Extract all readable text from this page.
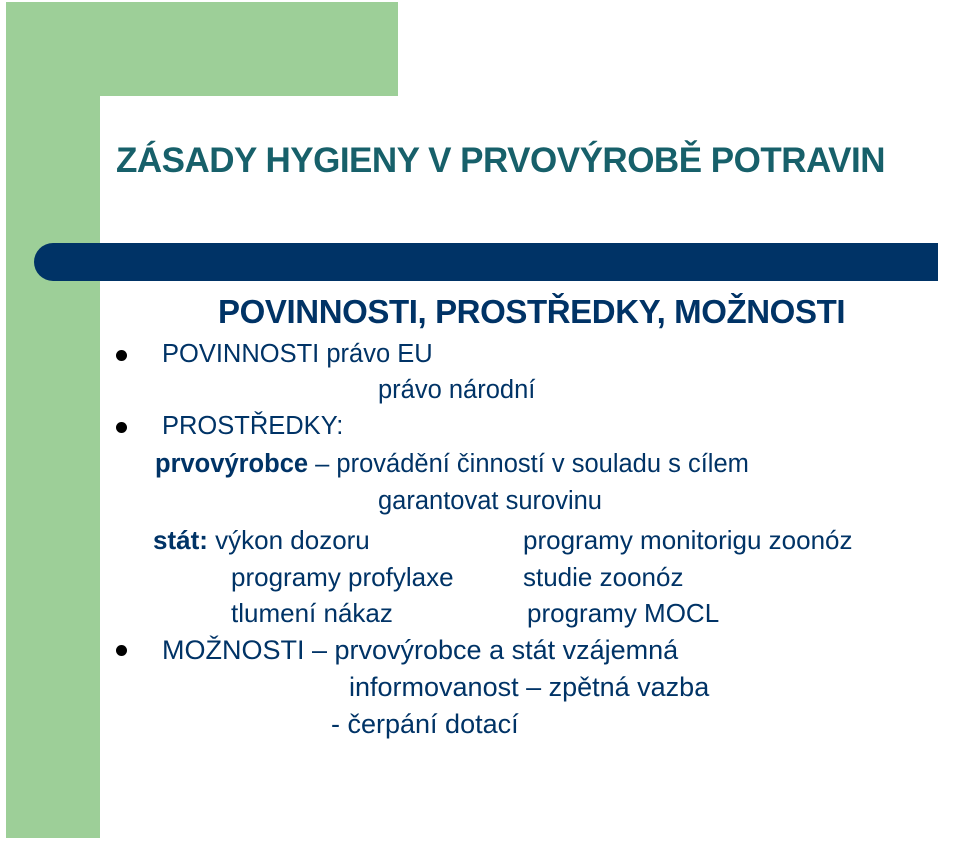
ZÁSADY HYGIENY V PRVOVÝROBĚ POTRAVIN
POVINNOSTI, PROSTŘEDKY, MOŽNOSTI

POVINNOSTI právo EU

právo národní

PROSTŘEDKY:

prvovýrobce – provádění činností v souladu s cílem

garantovat surovinu

stát: výkon dozoru	programy monitorigu zoonóz

programy profylaxe	studie zoonóz

tlumení nákaz	programy MOCL

MOŽNOSTI – prvovýrobce a stát vzájemná

informovanost – zpětná vazba

- čerpání dotací
